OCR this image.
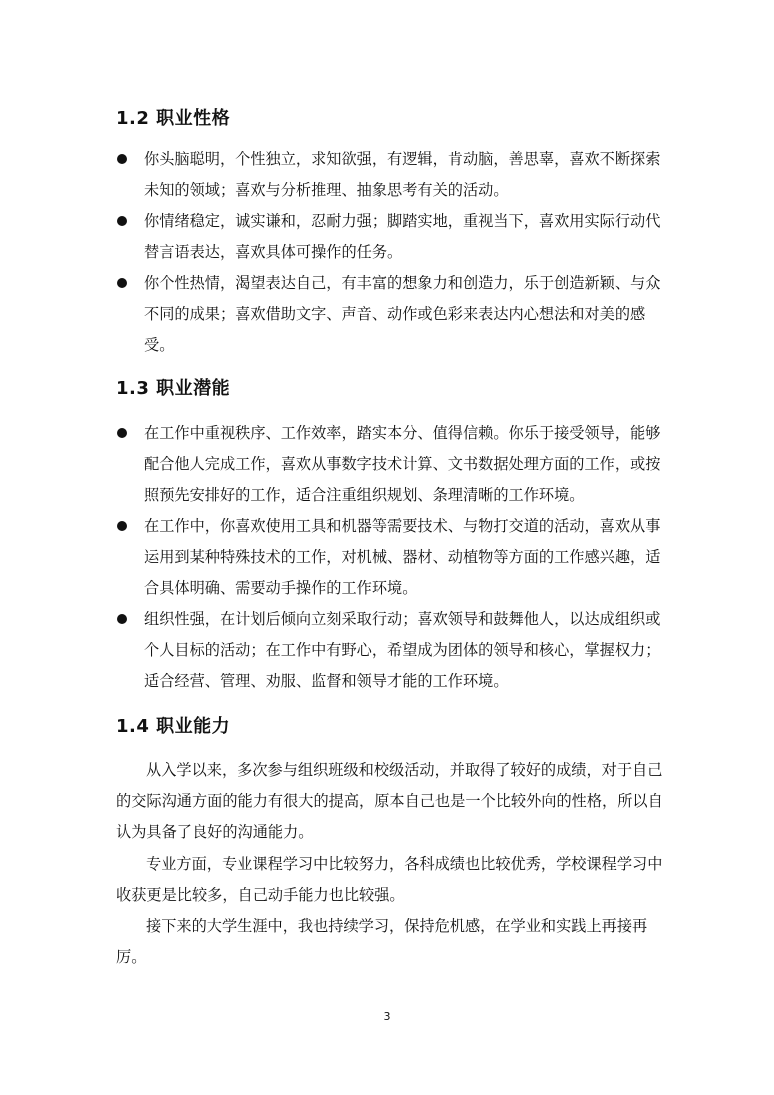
1.2 职业性格
你头脑聪明，个性独立，求知欲强，有逻辑，肯动脑，善思辜，喜欢不断探索未知的领域；喜欢与分析推理、抽象思考有关的活动。
你情绪稳定，诚实谦和，忍耐力强；脚踏实地，重视当下，喜欢用实际行动代替言语表达，喜欢具体可操作的任务。
你个性热情，渴望表达自己，有丰富的想象力和创造力，乐于创造新颖、与众不同的成果；喜欢借助文字、声音、动作或色彩来表达内心想法和对美的感受。
1.3 职业潜能
在工作中重视秩序、工作效率，踏实本分、值得信赖。你乐于接受领导，能够配合他人完成工作，喜欢从事数字技术计算、文书数据处理方面的工作，或按照预先安排好的工作，适合注重组织规划、条理清晰的工作环境。
在工作中，你喜欢使用工具和机器等需要技术、与物打交道的活动，喜欢从事运用到某种特殊技术的工作，对机械、器材、动植物等方面的工作感兴趣，适合具体明确、需要动手操作的工作环境。
组织性强，在计划后倾向立刻采取行动；喜欢领导和鼓舞他人，以达成组织或个人目标的活动；在工作中有野心，希望成为团体的领导和核心，掌握权力；适合经营、管理、劝服、监督和领导才能的工作环境。
1.4 职业能力

从入学以来，多次参与组织班级和校级活动，并取得了较好的成绩，对于自己的交际沟通方面的能力有很大的提高，原本自己也是一个比较外向的性格，所以自认为具备了良好的沟通能力。

专业方面，专业课程学习中比较努力，各科成绩也比较优秀，学校课程学习中收获更是比较多，自己动手能力也比较强。

接下来的大学生涯中，我也持续学习，保持危机感，在学业和实践上再接再厉。

3
